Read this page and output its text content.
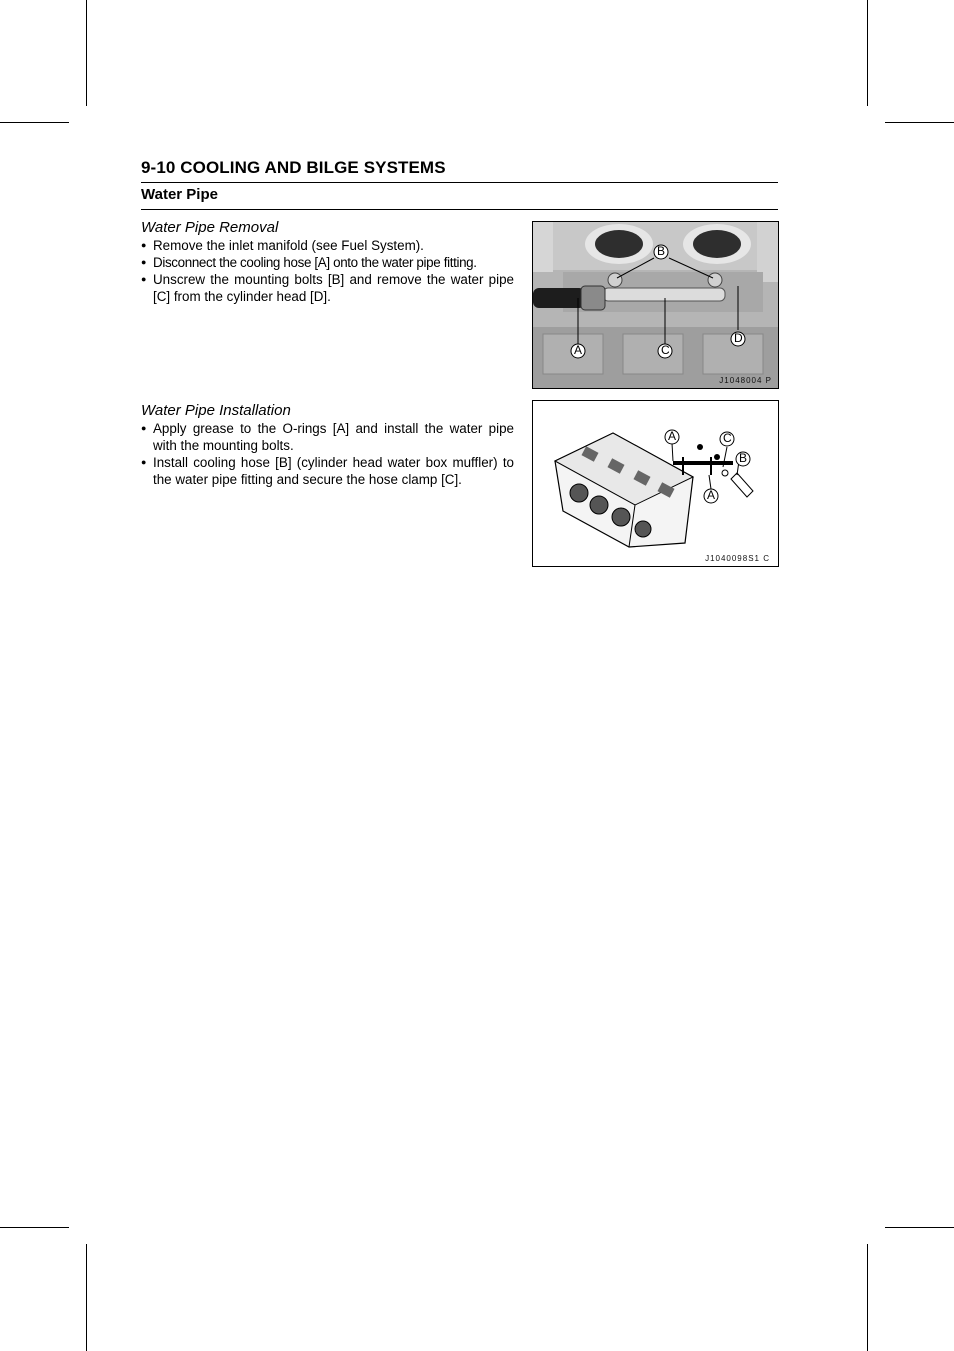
9-10 COOLING AND BILGE SYSTEMS
Water Pipe
Water Pipe Removal
● Remove the inlet manifold (see Fuel System).
● Disconnect the cooling hose [A] onto the water pipe fitting.
● Unscrew the mounting bolts [B] and remove the water pipe [C] from the cylinder head [D].
A
B
C
D
J1048004 P
Water Pipe Installation
● Apply grease to the O-rings [A] and install the water pipe with the mounting bolts.
● Install cooling hose [B] (cylinder head water box muffler) to the water pipe fitting and secure the hose clamp [C].
A	C
B
A
J1040098S1 C
